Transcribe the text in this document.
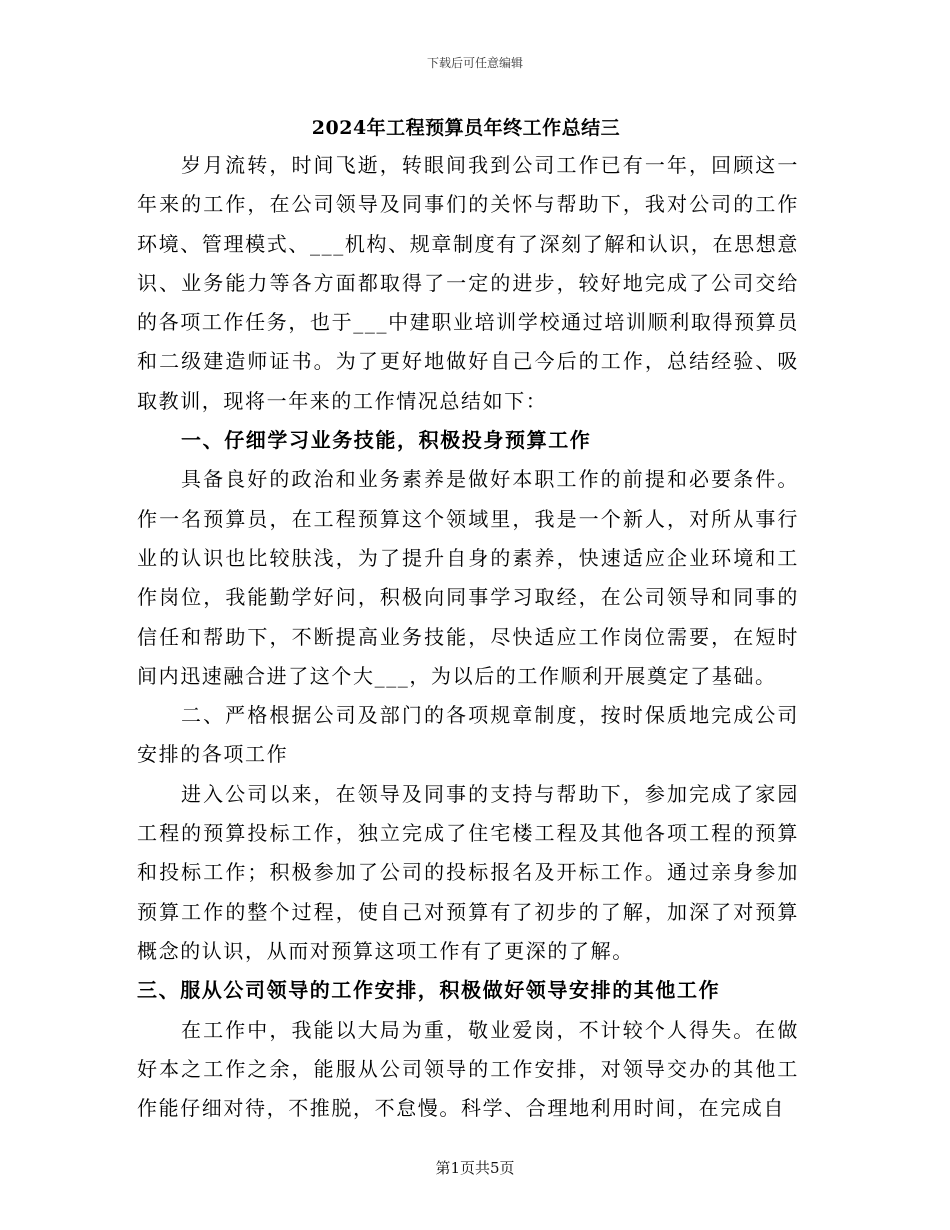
下载后可任意编辑
2024年工程预算员年终工作总结三

岁月流转，时间飞逝，转眼间我到公司工作已有一年，回顾这一年来的工作，在公司领导及同事们的关怀与帮助下，我对公司的工作环境、管理模式、___机构、规章制度有了深刻了解和认识，在思想意识、业务能力等各方面都取得了一定的进步，较好地完成了公司交给的各项工作任务，也于___中建职业培训学校通过培训顺利取得预算员和二级建造师证书。为了更好地做好自己今后的工作，总结经验、吸取教训，现将一年来的工作情况总结如下：

一、仔细学习业务技能，积极投身预算工作

具备良好的政治和业务素养是做好本职工作的前提和必要条件。作一名预算员，在工程预算这个领域里，我是一个新人，对所从事行业的认识也比较肤浅，为了提升自身的素养，快速适应企业环境和工作岗位，我能勤学好问，积极向同事学习取经，在公司领导和同事的信任和帮助下，不断提高业务技能，尽快适应工作岗位需要，在短时间内迅速融合进了这个大___，为以后的工作顺利开展奠定了基础。

二、严格根据公司及部门的各项规章制度，按时保质地完成公司安排的各项工作

进入公司以来，在领导及同事的支持与帮助下，参加完成了家园工程的预算投标工作，独立完成了住宅楼工程及其他各项工程的预算和投标工作；积极参加了公司的投标报名及开标工作。通过亲身参加预算工作的整个过程，使自己对预算有了初步的了解，加深了对预算概念的认识，从而对预算这项工作有了更深的了解。

三、服从公司领导的工作安排，积极做好领导安排的其他工作

在工作中，我能以大局为重，敬业爱岗，不计较个人得失。在做好本之工作之余，能服从公司领导的工作安排，对领导交办的其他工作能仔细对待，不推脱，不怠慢。科学、合理地利用时间，在完成自

第1页共5页
